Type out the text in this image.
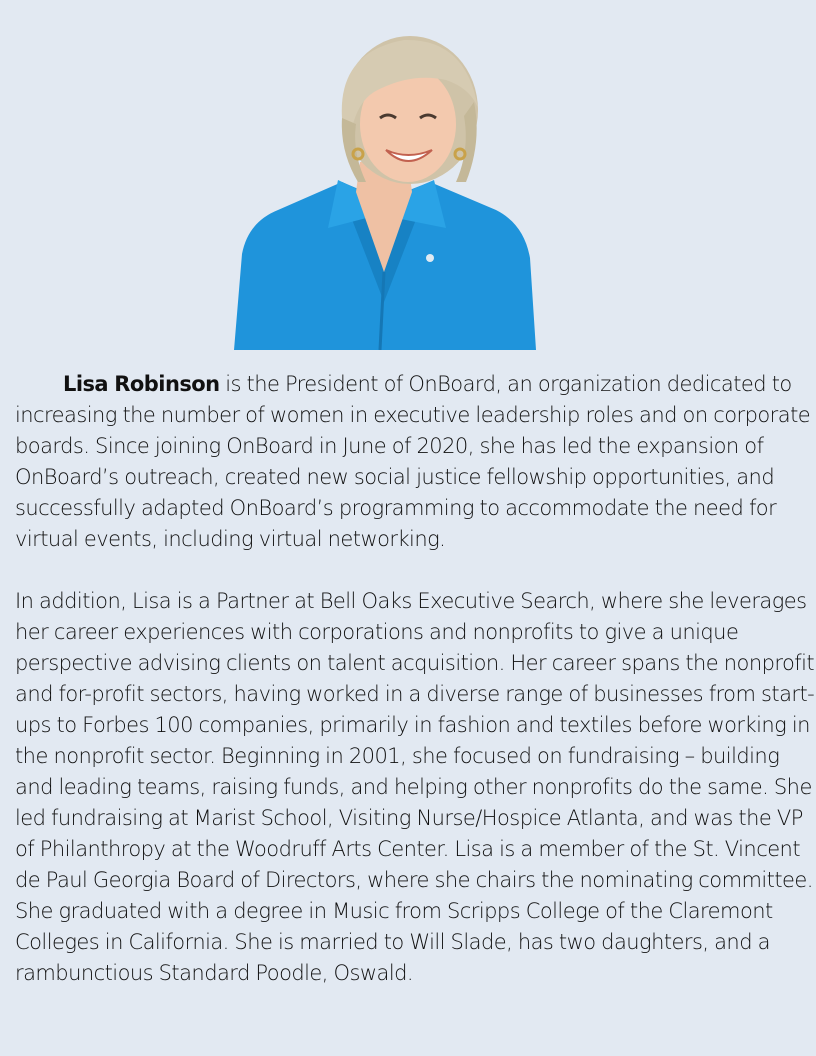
Lisa Robinson is the President of OnBoard, an organization dedicated to increasing the number of women in executive leadership roles and on corporate boards. Since joining OnBoard in June of 2020, she has led the expansion of OnBoard’s outreach, created new social justice fellowship opportunities, and successfully adapted OnBoard’s programming to accommodate the need for virtual events, including virtual networking.

In addition, Lisa is a Partner at Bell Oaks Executive Search, where she leverages her career experiences with corporations and nonprofits to give a unique perspective advising clients on talent acquisition. Her career spans the nonprofit and for-profit sectors, having worked in a diverse range of businesses from start-ups to Forbes 100 companies, primarily in fashion and textiles before working in the nonprofit sector. Beginning in 2001, she focused on fundraising – building and leading teams, raising funds, and helping other nonprofits do the same. She led fundraising at Marist School, Visiting Nurse/Hospice Atlanta, and was the VP of Philanthropy at the Woodruff Arts Center. Lisa is a member of the St. Vincent de Paul Georgia Board of Directors, where she chairs the nominating committee. She graduated with a degree in Music from Scripps College of the Claremont Colleges in California. She is married to Will Slade, has two daughters, and a rambunctious Standard Poodle, Oswald.
